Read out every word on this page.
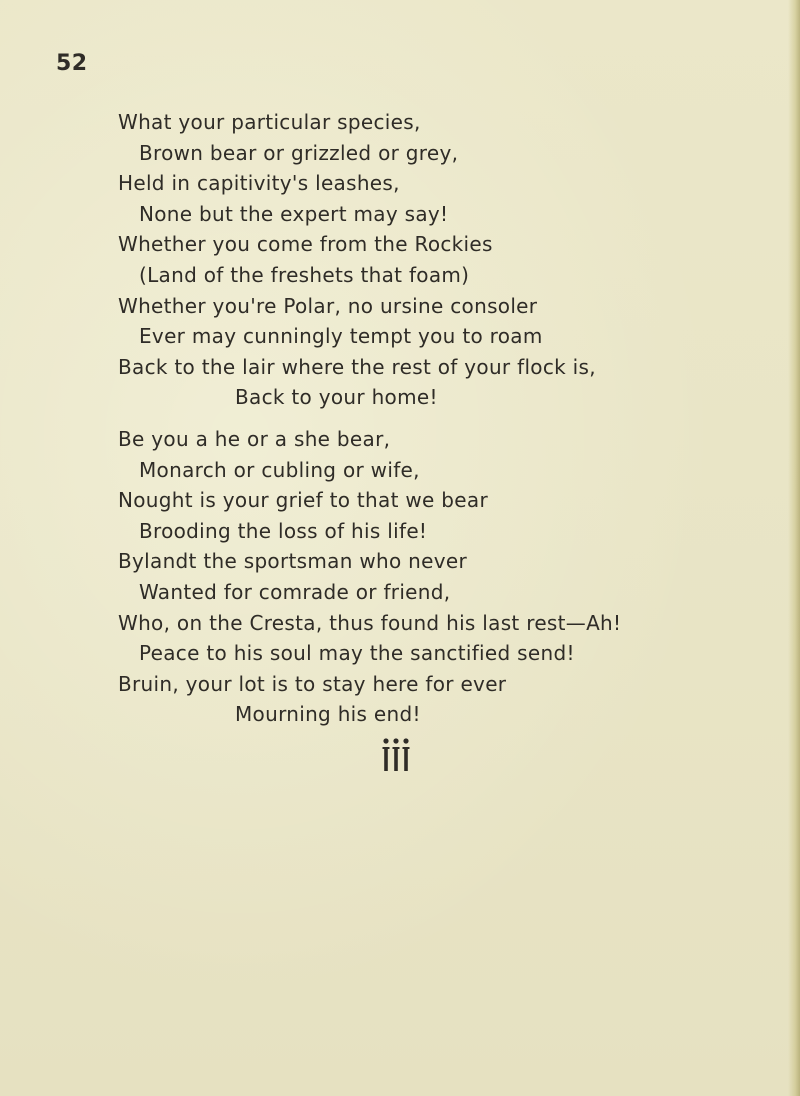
52
What your particular species,
Brown bear or grizzled or grey,
Held in capitivity's leashes,
None but the expert may say!
Whether you come from the Rockies
(Land of the freshets that foam)
Whether you're Polar, no ursine consoler
Ever may cunningly tempt you to roam
Back to the lair where the rest of your flock is,
Back to your home!
Be you a he or a she bear,
Monarch or cubling or wife,
Nought is your grief to that we bear
Brooding the loss of his life!
Bylandt the sportsman who never
Wanted for comrade or friend,
Who, on the Cresta, thus found his last rest—Ah!
Peace to his soul may the sanctified send!
Bruin, your lot is to stay here for ever
Mourning his end!
